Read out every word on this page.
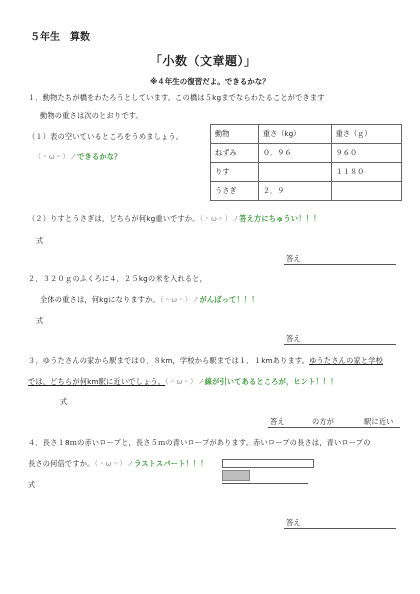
５年生　算数
「小数（文章題）」
※４年生の復習だよ。できるかな？
１．動物たちが橋をわたろうとしています。この橋は５kgまでならわたることができます
動物の重さは次のとおりです。
（１）表の空いているところをうめましょう。
（＾ω＾）ノできるかな？
動物	重さ（kg）	重さ（ｇ）
ねずみ	０．９６	９６０
りす		１１８０
うさぎ	２．９	
（２）りすとうさぎは，どちらが何kg重いですか。（＾ω＾）ノ答え方にちゅうい！！！
式
答え
２．３２０ｇのふくろに４．２５kgの米を入れると，
全体の重さは，何kgになりますか。（＾ω＾）ノがんばって！！！
式
答え
３．ゆうたさんの家から駅までは０．８km，学校から駅までは１．１kmあります。ゆうたさんの家と学校
では，どちらが何km駅に近いでしょう。（＾ω＾）ノ線が引いてあるところが，ヒント！！！
式
答え	の方が	駅に近い
４．長さ１8ｍの赤いロープと，長さ５ｍの青いロープがあります。赤いロープの長さは，青いロープの
長さの何倍ですか。（＾ω＾）ノラストスパート！！！
式
答え
